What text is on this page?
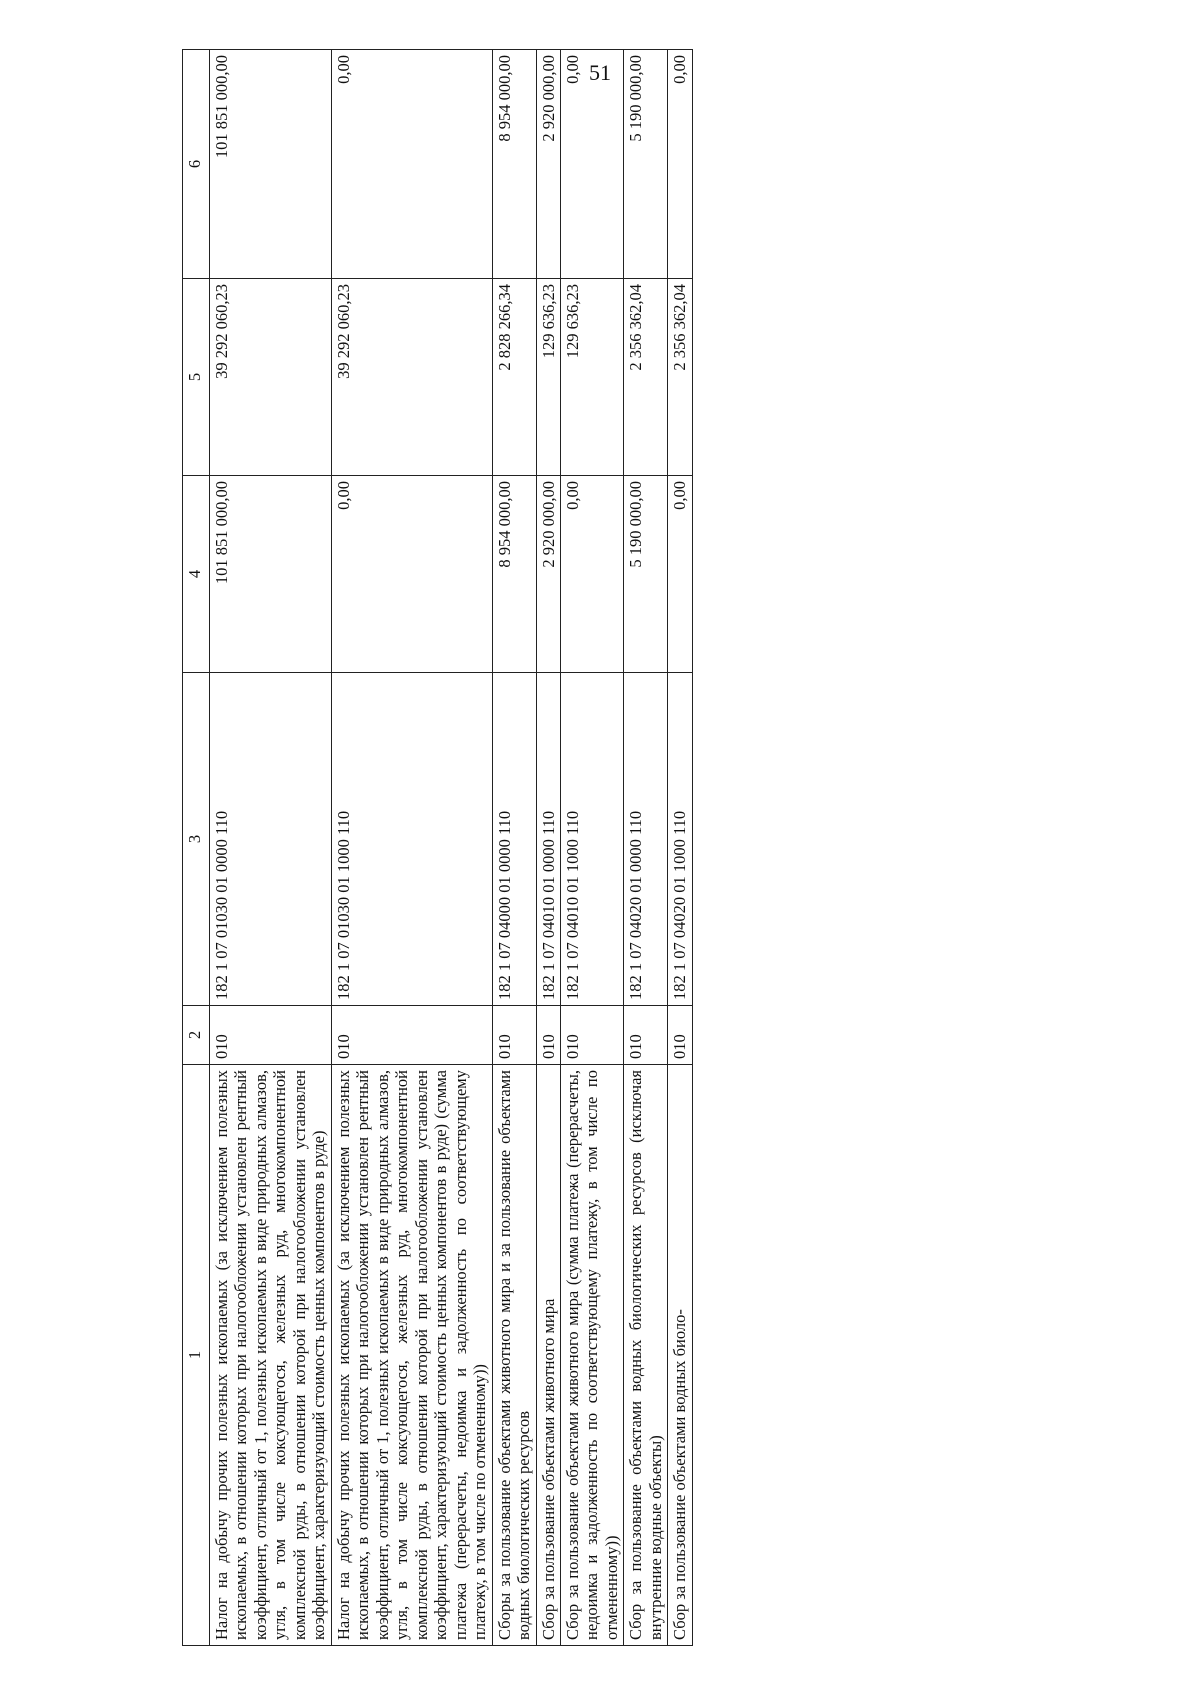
51
1	2	3	4	5	6
Налог на добычу прочих полезных ископаемых (за исключением полезных ископаемых, в отношении которых при налогообложении установлен рентный коэффициент, отличный от 1, полезных ископаемых в виде природных алмазов, угля, в том числе коксующегося, железных руд, многокомпонентной комплексной руды, в отношении которой при налогообложении установлен коэффициент, характеризующий стоимость ценных компонентов в руде)	010	182 1 07 01030 01 0000 110	101 851 000,00	39 292 060,23	101 851 000,00
Налог на добычу прочих полезных ископаемых (за исключением полезных ископаемых, в отношении которых при налогообложении установлен рентный коэффициент, отличный от 1, полезных ископаемых в виде природных алмазов, угля, в том числе коксующегося, железных руд, многокомпонентной комплексной руды, в отношении которой при налогообложении установлен коэффициент, характеризующий стоимость ценных компонентов в руде) (сумма платежа (перерасчеты, недоимка и задолженность по соответствующему платежу, в том числе по отмененному))	010	182 1 07 01030 01 1000 110	0,00	39 292 060,23	0,00
Сборы за пользование объектами животного мира и за пользование объектами водных биологических ресурсов	010	182 1 07 04000 01 0000 110	8 954 000,00	2 828 266,34	8 954 000,00
Сбор за пользование объектами животного мира	010	182 1 07 04010 01 0000 110	2 920 000,00	129 636,23	2 920 000,00
Сбор за пользование объектами животного мира (сумма платежа (перерасчеты, недоимка и задолженность по соответствующему платежу, в том числе по отмененному))	010	182 1 07 04010 01 1000 110	0,00	129 636,23	0,00
Сбор за пользование объектами водных биологических ресурсов (исключая внутренние водные объекты)	010	182 1 07 04020 01 0000 110	5 190 000,00	2 356 362,04	5 190 000,00
Сбор за пользование объектами водных биоло-	010	182 1 07 04020 01 1000 110	0,00	2 356 362,04	0,00
